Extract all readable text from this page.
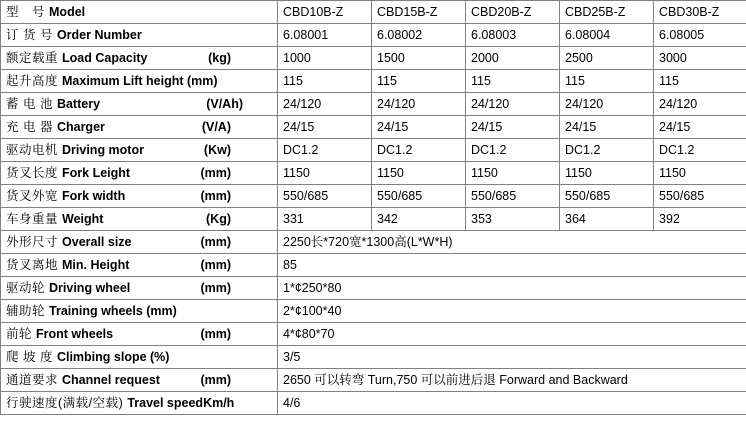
型　号 Model	CBD10B-Z	CBD15B-Z	CBD20B-Z	CBD25B-Z	CBD30B-Z

订 货 号 Order Number	6.08001	6.08002	6.08003	6.08004	6.08005

额定载重 Load Capacity (kg)	1000	1500	2000	2500	3000

起升高度 Maximum Lift height (mm)	115	115	115	115	115

蓄 电 池 Battery (V/Ah)	24/120	24/120	24/120	24/120	24/120

充 电 器 Charger (V/A)	24/15	24/15	24/15	24/15	24/15

驱动电机 Driving motor (Kw)	DC1.2	DC1.2	DC1.2	DC1.2	DC1.2

货叉长度 Fork Leight (mm)	1150	1150	1150	1150	1150

货叉外宽 Fork width (mm)	550/685	550/685	550/685	550/685	550/685

车身重量 Weight (Kg)	331	342	353	364	392

外形尺寸 Overall size (mm)	2250长*720宽*1300高(L*W*H)				

货叉离地 Min. Height (mm)	85				

驱动轮 Driving wheel (mm)	1*¢250*80				

辅助轮 Training wheels (mm)	2*¢100*40				

前轮 Front wheels (mm)	4*¢80*70				

爬 坡 度 Climbing slope (%)	3/5				

通道要求 Channel request (mm)	2650 可以转弯 Turn,750 可以前进后退 Forward and Backward				

行驶速度(满载/空载) Travel speed Km/h	4/6				
